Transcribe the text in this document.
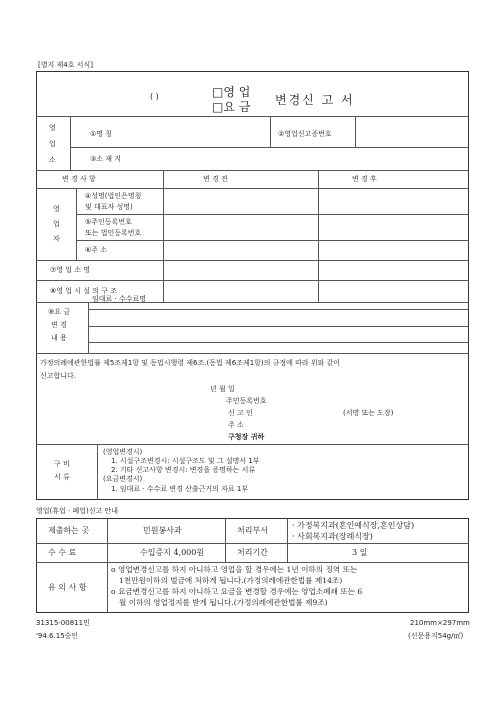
[별지 제4호 서식]
( )	□영 업
□요 금 변경신 고 서
영
업
소
①명 칭	②영업신고증번호
③소 재 지
변 경 사 항	변 경 전	변 경 후
영
업
자
④성명(법인은명칭
및 대표자 성명)
⑤주인등록번호
또는 법인등록번호
⑥주 소
⑦영 업 소 명
⑧영 업 시 설 의 구 조
⑨요 금
변 경
내 용
임대료 · 수수료명
가정의례에관한법률 제5조제1항 및 동법시행령 제6조.(동법 제6조제1항)의 규정에 따라 위와 같이
신고합니다.
년 월 일
주민등록번호
신 고 인	(서명 또는 도장)
주 소
구청장 귀하
구 비
서 류
(영업변경시)
1. 시설구조변경시: 시설구조도 및 그 설명서 1부
2. 기타 신고사항 변경시: 변경을 증명하는 서류
(요금변경시)
1. 임대료 · 수수료 변경 산출근거의 자료 1부
영업(휴업 · 폐업)신고 안내
제출하는 곳	민원봉사과	처리부서
· 가정복지과(혼인예식장,혼인상담)
· 사회복지과(장례식장)
수 수 료	수입증지 4,000원	처리기간	3 일
유 의 사 항
o 영업변경신고를 하지 아니하고 영업을 할 경우에는 1년 이하의 징역 또는
1천만원이하의 벌금에 처하게 됩니다.(가정의례에관한법률 제14조)
o 요금변경신고를 하지 아니하고 요금을 변경할 경우에는 영업소폐쇄 또는 6
월 이하의 영업정지를 받게 됩니다.(가정의례에관한법률 제9조)
31315-00811민
'94.6.15승인
210mm×297mm
(신문용지54g/㎡)
